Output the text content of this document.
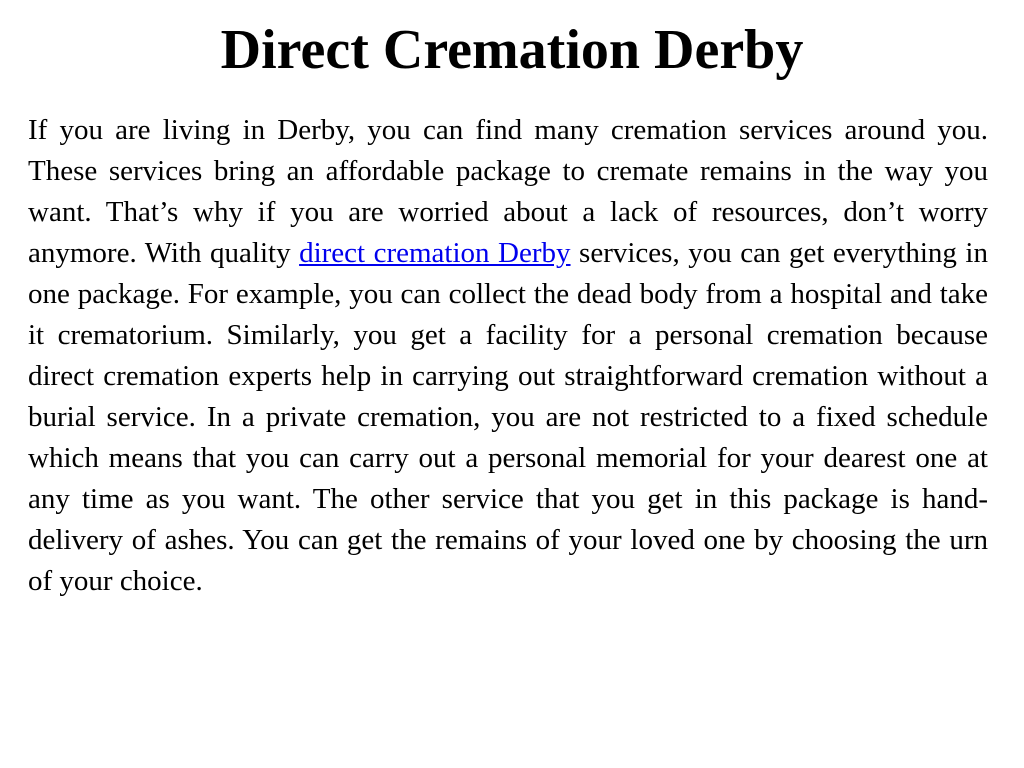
Direct Cremation Derby

If you are living in Derby, you can find many cremation services around you. These services bring an affordable package to cremate remains in the way you want. That’s why if you are worried about a lack of resources, don’t worry anymore. With quality direct cremation Derby services, you can get everything in one package. For example, you can collect the dead body from a hospital and take it crematorium. Similarly, you get a facility for a personal cremation because direct cremation experts help in carrying out straightforward cremation without a burial service. In a private cremation, you are not restricted to a fixed schedule which means that you can carry out a personal memorial for your dearest one at any time as you want. The other service that you get in this package is hand-delivery of ashes. You can get the remains of your loved one by choosing the urn of your choice.
